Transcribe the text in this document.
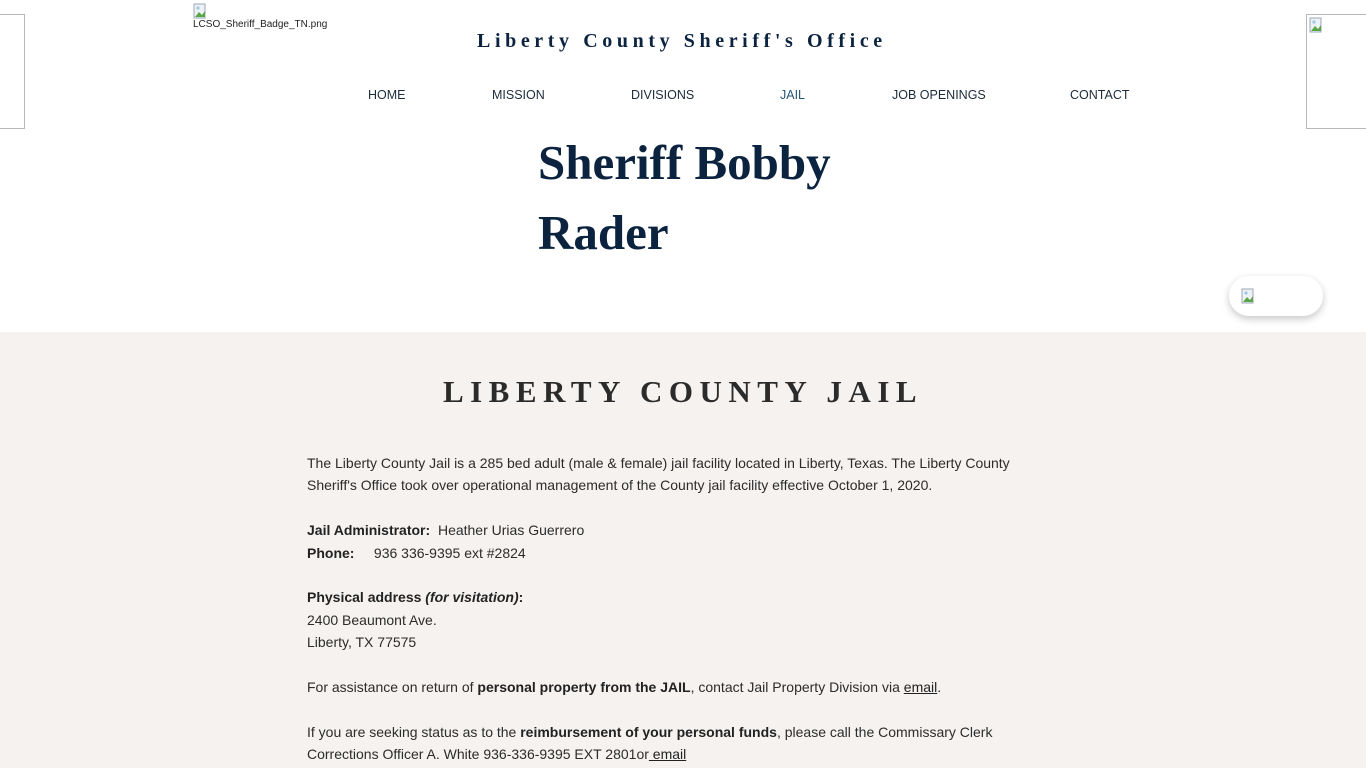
LCSO_Sheriff_Badge_TN.png
Liberty County Sheriff's Office
HOME	MISSION	DIVISIONS	JAIL	JOB OPENINGS	CONTACT
Sheriff Bobby
Rader
LIBERTY COUNTY JAIL

The Liberty County Jail is a 285 bed adult (male & female) jail facility located in Liberty, Texas. The Liberty County Sheriff's Office took over operational management of the County jail facility effective October 1, 2020.

Jail Administrator: Heather Urias Guerrero

Phone: 936 336-9395 ext #2824

Physical address (for visitation):

2400 Beaumont Ave.

Liberty, TX 77575

For assistance on return of personal property from the JAIL, contact Jail Property Division via email.

If you are seeking status as to the reimbursement of your personal funds, please call the Commissary Clerk Corrections Officer A. White 936-336-9395 EXT 2801or email
